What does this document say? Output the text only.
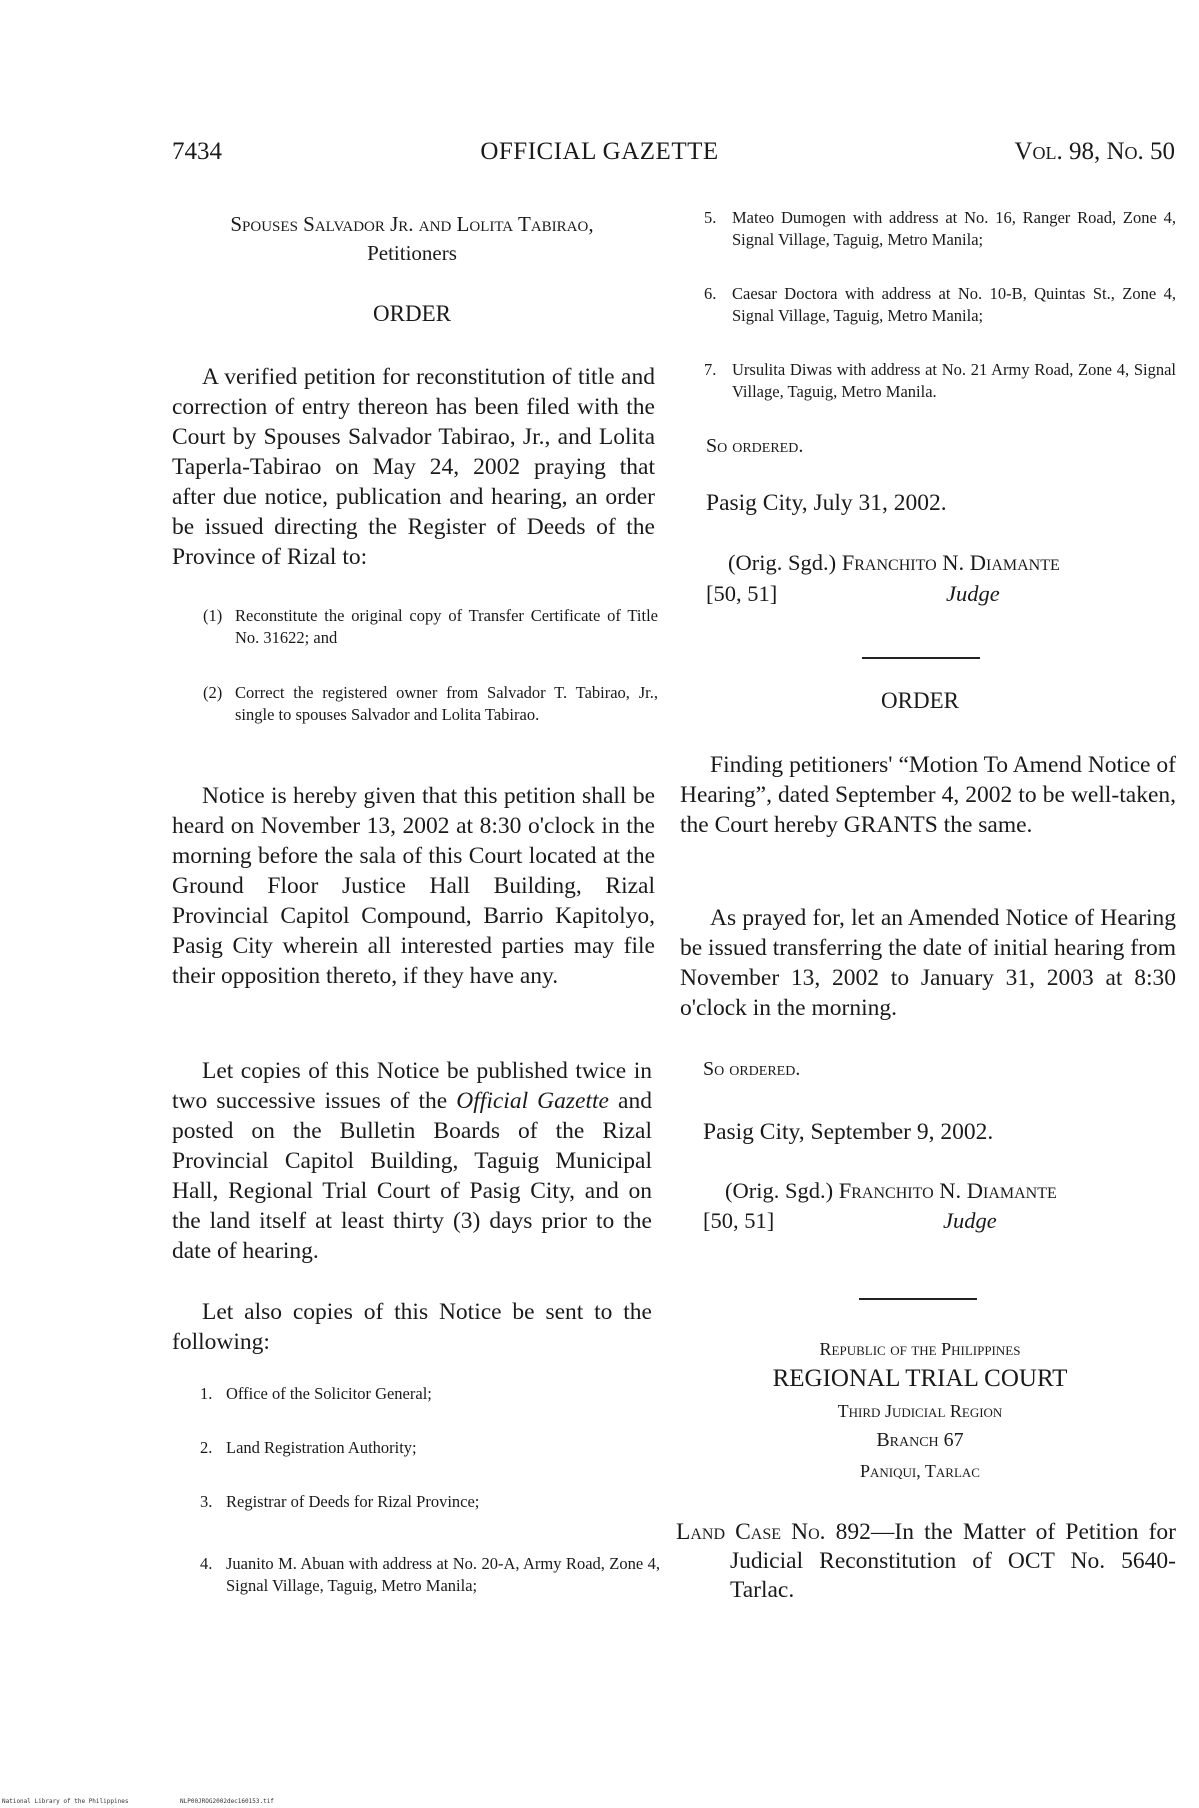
7434	OFFICIAL GAZETTE	Vol. 98, No. 50
Spouses Salvador Jr. and Lolita Tabirao,
Petitioners
ORDER

A verified petition for reconstitution of title and correction of entry thereon has been filed with the Court by Spouses Salvador Tabirao, Jr., and Lolita Taperla-Tabirao on May 24, 2002 praying that after due notice, publication and hearing, an order be issued directing the Register of Deeds of the Province of Rizal to:

(1) Reconstitute the original copy of Transfer Certificate of Title No. 31622; and
(2) Correct the registered owner from Salvador T. Tabirao, Jr., single to spouses Salvador and Lolita Tabirao.

Notice is hereby given that this petition shall be heard on November 13, 2002 at 8:30 o'clock in the morning before the sala of this Court located at the Ground Floor Justice Hall Building, Rizal Provincial Capitol Compound, Barrio Kapitolyo, Pasig City wherein all interested parties may file their opposition thereto, if they have any.

Let copies of this Notice be published twice in two successive issues of the Official Gazette and posted on the Bulletin Boards of the Rizal Provincial Capitol Building, Taguig Municipal Hall, Regional Trial Court of Pasig City, and on the land itself at least thirty (3) days prior to the date of hearing.

Let also copies of this Notice be sent to the following:

1. Office of the Solicitor General;
2. Land Registration Authority;
3. Registrar of Deeds for Rizal Province;
4. Juanito M. Abuan with address at No. 20-A, Army Road, Zone 4, Signal Village, Taguig, Metro Manila;
5. Mateo Dumogen with address at No. 16, Ranger Road, Zone 4, Signal Village, Taguig, Metro Manila;
6. Caesar Doctora with address at No. 10-B, Quintas St., Zone 4, Signal Village, Taguig, Metro Manila;
7. Ursulita Diwas with address at No. 21 Army Road, Zone 4, Signal Village, Taguig, Metro Manila.
So ordered.
Pasig City, July 31, 2002.
(Orig. Sgd.) Franchito N. Diamante
[50, 51]	Judge
ORDER

Finding petitioners' “Motion To Amend Notice of Hearing”, dated September 4, 2002 to be well-taken, the Court hereby GRANTS the same.

As prayed for, let an Amended Notice of Hearing be issued transferring the date of initial hearing from November 13, 2002 to January 31, 2003 at 8:30 o'clock in the morning.

So ordered.
Pasig City, September 9, 2002.
(Orig. Sgd.) Franchito N. Diamante
[50, 51]	Judge
Republic of the Philippines
REGIONAL TRIAL COURT
Third Judicial Region
Branch 67
Paniqui, Tarlac

Land Case No. 892—In the Matter of Petition for Judicial Reconstitution of OCT No. 5640-Tarlac.

National Library of the Philippines	NLP00JROG2002dec160153.tif
